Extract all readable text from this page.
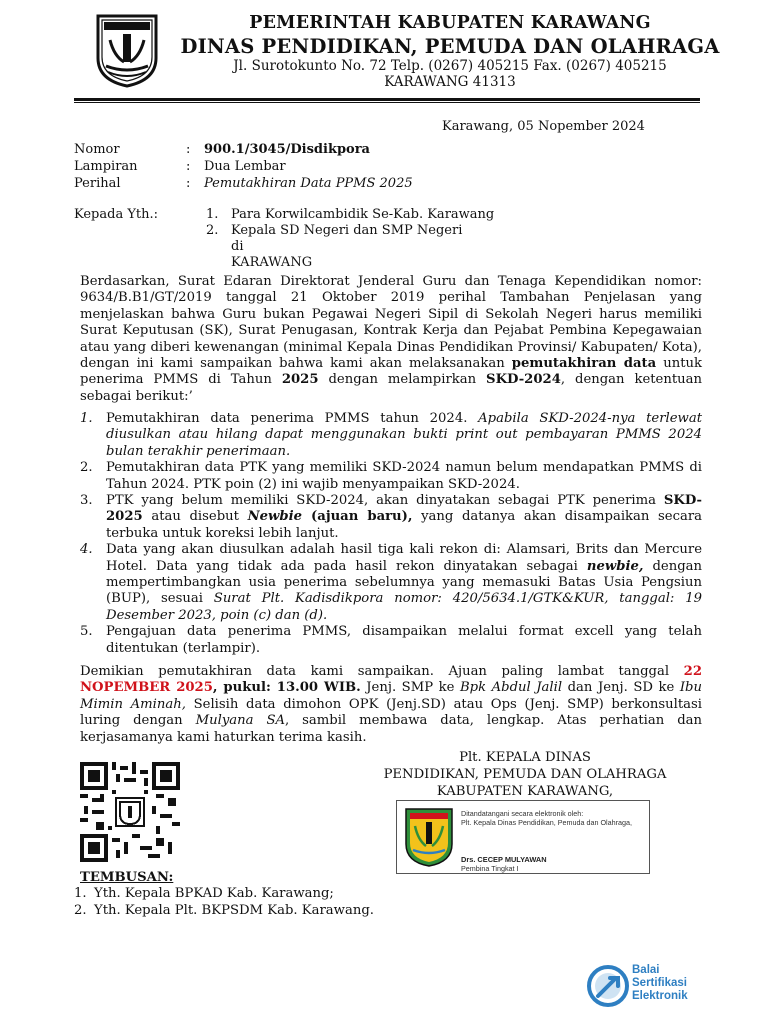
PEMERINTAH KABUPATEN KARAWANG
DINAS PENDIDIKAN, PEMUDA DAN OLAHRAGA
Jl. Surotokunto No. 72 Telp. (0267) 405215 Fax. (0267) 405215
KARAWANG 41313
Karawang, 05 Nopember 2024
Nomor	: 900.1/3045/Disdikpora
Lampiran	: Dua Lembar
Perihal	: Pemutakhiran Data PPMS 2025
Kepada Yth.:	1. Para Korwilcambidik Se-Kab. Karawang
2. Kepala SD Negeri dan SMP Negeri
di
KARAWANG
Berdasarkan, Surat Edaran Direktorat Jenderal Guru dan Tenaga Kependidikan nomor: 9634/B.B1/GT/2019 tanggal 21 Oktober 2019 perihal Tambahan Penjelasan yang menjelaskan bahwa Guru bukan Pegawai Negeri Sipil di Sekolah Negeri harus memiliki Surat Keputusan (SK), Surat Penugasan, Kontrak Kerja dan Pejabat Pembina Kepegawaian atau yang diberi kewenangan (minimal Kepala Dinas Pendidikan Provinsi/ Kabupaten/ Kota), dengan ini kami sampaikan bahwa kami akan melaksanakan pemutakhiran data untuk penerima PMMS di Tahun 2025 dengan melampirkan SKD-2024, dengan ketentuan sebagai berikut:’
1. Pemutakhiran data penerima PMMS tahun 2024. Apabila SKD-2024-nya terlewat diusulkan atau hilang dapat menggunakan bukti print out pembayaran PMMS 2024 bulan terakhir penerimaan.
2. Pemutakhiran data PTK yang memiliki SKD-2024 namun belum mendapatkan PMMS di Tahun 2024. PTK poin (2) ini wajib menyampaikan SKD-2024.
3. PTK yang belum memiliki SKD-2024, akan dinyatakan sebagai PTK penerima SKD-2025 atau disebut Newbie (ajuan baru), yang datanya akan disampaikan secara terbuka untuk koreksi lebih lanjut.
4. Data yang akan diusulkan adalah hasil tiga kali rekon di: Alamsari, Brits dan Mercure Hotel. Data yang tidak ada pada hasil rekon dinyatakan sebagai newbie, dengan mempertimbangkan usia penerima sebelumnya yang memasuki Batas Usia Pengsiun (BUP), sesuai Surat Plt. Kadisdikpora nomor: 420/5634.1/GTK&KUR, tanggal: 19 Desember 2023, poin (c) dan (d).
5. Pengajuan data penerima PMMS, disampaikan melalui format excell yang telah ditentukan (terlampir).
Demikian pemutakhiran data kami sampaikan. Ajuan paling lambat tanggal 22 NOPEMBER 2025, pukul: 13.00 WIB. Jenj. SMP ke Bpk Abdul Jalil dan Jenj. SD ke Ibu Mimin Aminah, Selisih data dimohon OPK (Jenj.SD) atau Ops (Jenj. SMP) berkonsultasi luring dengan Mulyana SA, sambil membawa data, lengkap. Atas perhatian dan kerjasamanya kami haturkan terima kasih.
Plt. KEPALA DINAS
PENDIDIKAN, PEMUDA DAN OLAHRAGA
KABUPATEN KARAWANG,
Ditandatangani secara elektronik oleh:
Plt. Kepala Dinas Pendidikan, Pemuda dan Olahraga,
Drs. CECEP MULYAWAN
Pembina Tingkat I
TEMBUSAN:
1. Yth. Kepala BPKAD Kab. Karawang;
2. Yth. Kepala Plt. BKPSDM Kab. Karawang.
Balai
Sertifikasi
Elektronik
